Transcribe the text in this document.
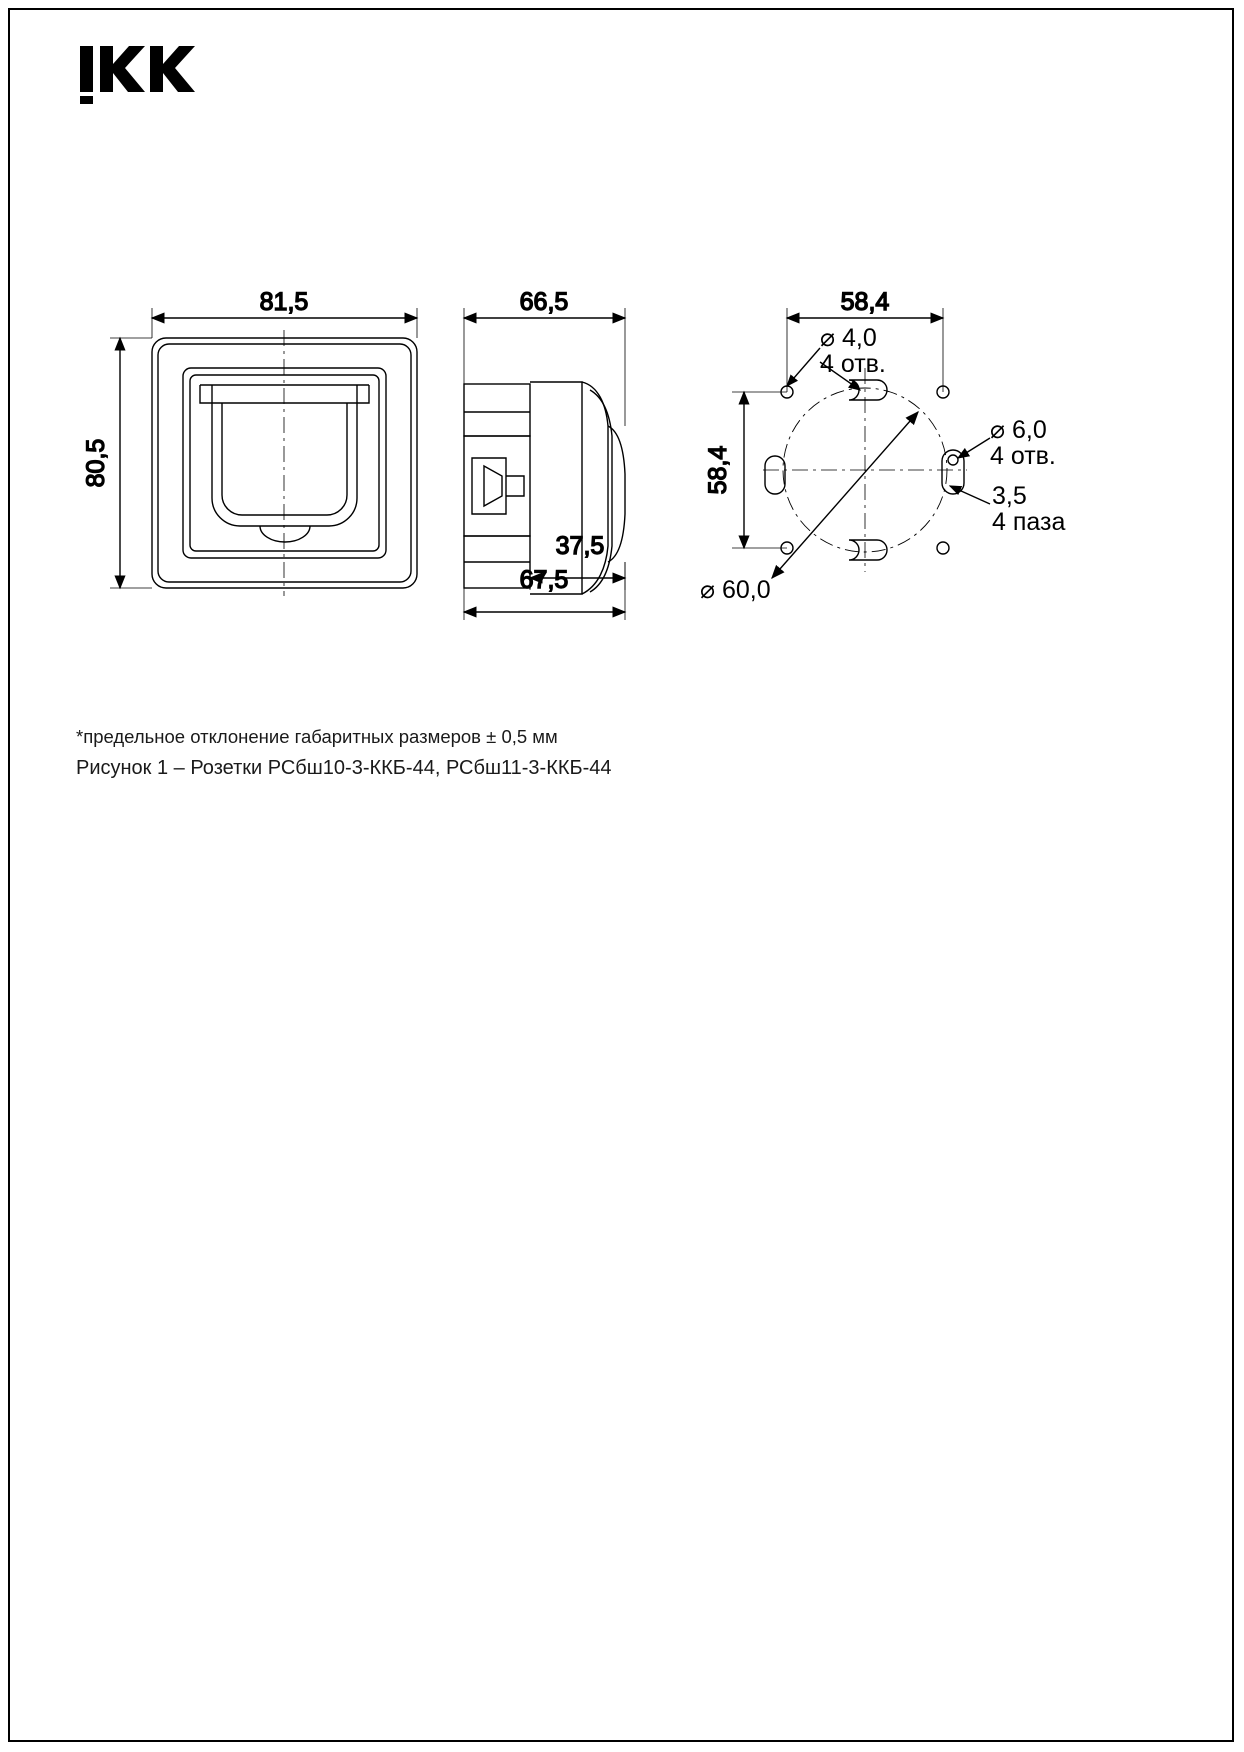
81,5
80,5
66,5
37,5
67,5
58,4
58,4
⌀ 4,0
4 отв.
⌀ 6,0
4 отв.
3,5
4 паза
⌀ 60,0
*предельное отклонение габаритных размеров ± 0,5 мм
Рисунок 1 – Розетки РСбш10-3-ККБ-44, РСбш11-3-ККБ-44
